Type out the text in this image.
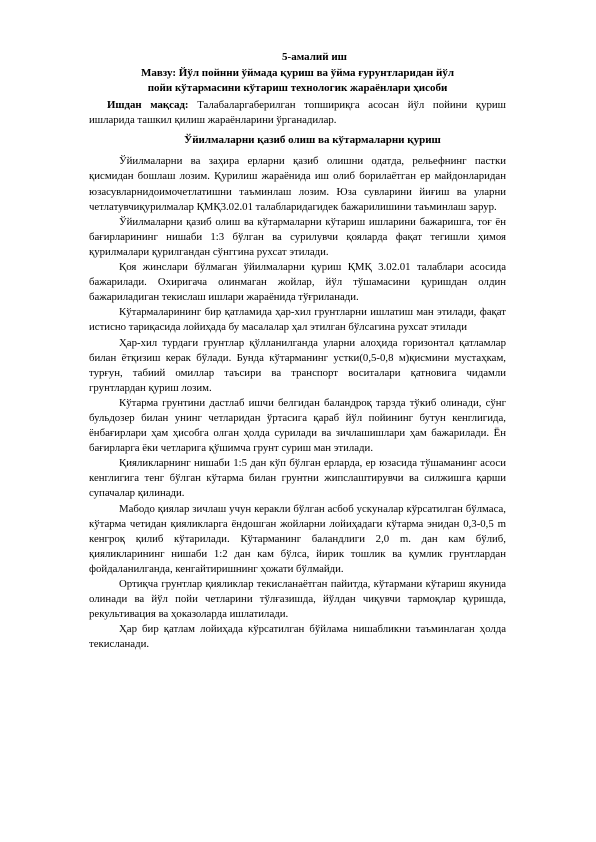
5-амалий иш
Мавзу: Йўл пойнни ўймада қуриш ва ўйма ғурунтларидан йўл
пойи кўтармасини кўтариш технологик жараёнлари ҳисоби

Ишдан мақсад: Талабаларгаберилган топшириқга асосан йўл пойини қуриш ишларида ташкил қилиш жараёнларини ўрганадилар.

Ўйилмаларни қазиб олиш ва кўтармаларни қуриш

Ўйилмаларни ва заҳира ерларни қазиб олишни одатда, рельефнинг пастки қисмидан бошлаш лозим. Қурилиш жараёнида иш олиб борилаётган ер майдонларидан юзасувларнидоимочетлатишни таъминлаш лозим. Юза сувларини йиғиш ва уларни четлатувчиқурилмалар ҚМҚ3.02.01 талабларидагидек бажарилишини таъминлаш зарур.

Ўйилмаларни қазиб олиш ва кўтармаларни кўтариш ишларини бажаришга, тоғ ён бағирларининг нишаби 1:3 бўлган ва сурилувчи қояларда фақат тегишли ҳимоя қурилмалари қурилгандан сўнггина рухсат этилади.

Қоя жинслари бўлмаган ўйилмаларни қуриш ҚМҚ 3.02.01 талаблари асосида бажарилади. Охиригача олинмаган жойлар, йўл тўшамасини қуришдан олдин бажариладиган текислаш ишлари жараёнида тўғриланади.

Кўтармаларининг бир қатламида ҳар-хил грунтларни ишлатиш ман этилади, фақат истисно тариқасида лойиҳада бу масалалар ҳал этилган бўлсагина рухсат этилади

Ҳар-хил турдаги грунтлар қўлланилганда уларни алоҳида горизонтал қатламлар билан ётқизиш керак бўлади. Бунда кўтарманинг устки(0,5-0,8 м)қисмини мустаҳкам, турғун, табиий омиллар таъсири ва транспорт воситалари қатновига чидамли грунтлардан қуриш лозим.

Кўтарма грунтини дастлаб ишчи белгидан баландроқ тарзда тўкиб олинади, сўнг бульдозер билан унинг четларидан ўртасига қараб йўл пойининг бутун кенглигида, ёнбағирлари ҳам ҳисобга олган ҳолда сурилади ва зичлашишлари ҳам бажарилади. Ён бағирларга ёки четларига қўшимча грунт суриш ман этилади.

Қияликларнинг нишаби 1:5 дан кўп бўлган ерларда, ер юзасида тўшаманинг асоси кенглигига тенг бўлган кўтарма билан грунтни жипслаштирувчи ва силжишга қарши супачалар қилинади.

Мабодо қиялар зичлаш учун керакли бўлган асбоб ускуналар кўрсатилган бўлмаса, кўтарма четидан қияликларга ёндошган жойларни лойиҳадаги кўтарма энидан 0,3-0,5 m кенгроқ қилиб кўтарилади. Кўтарманинг баландлиги 2,0 m. дан кам бўлиб, қияликларининг нишаби 1:2 дан кам бўлса, йирик тошлик ва қумлик грунтлардан фойдаланилганда, кенгайтиришнинг ҳожати бўлмайди.

Ортиқча грунтлар қияликлар текисланаётган пайитда, кўтармани кўтариш якунида олинади ва йўл пойи четларини тўлғазишда, йўлдан чиқувчи тармоқлар қуришда, рекультивация ва ҳоказоларда ишлатилади.

Ҳар бир қатлам лойиҳада кўрсатилган бўйлама нишабликни таъминлаган ҳолда текисланади.
